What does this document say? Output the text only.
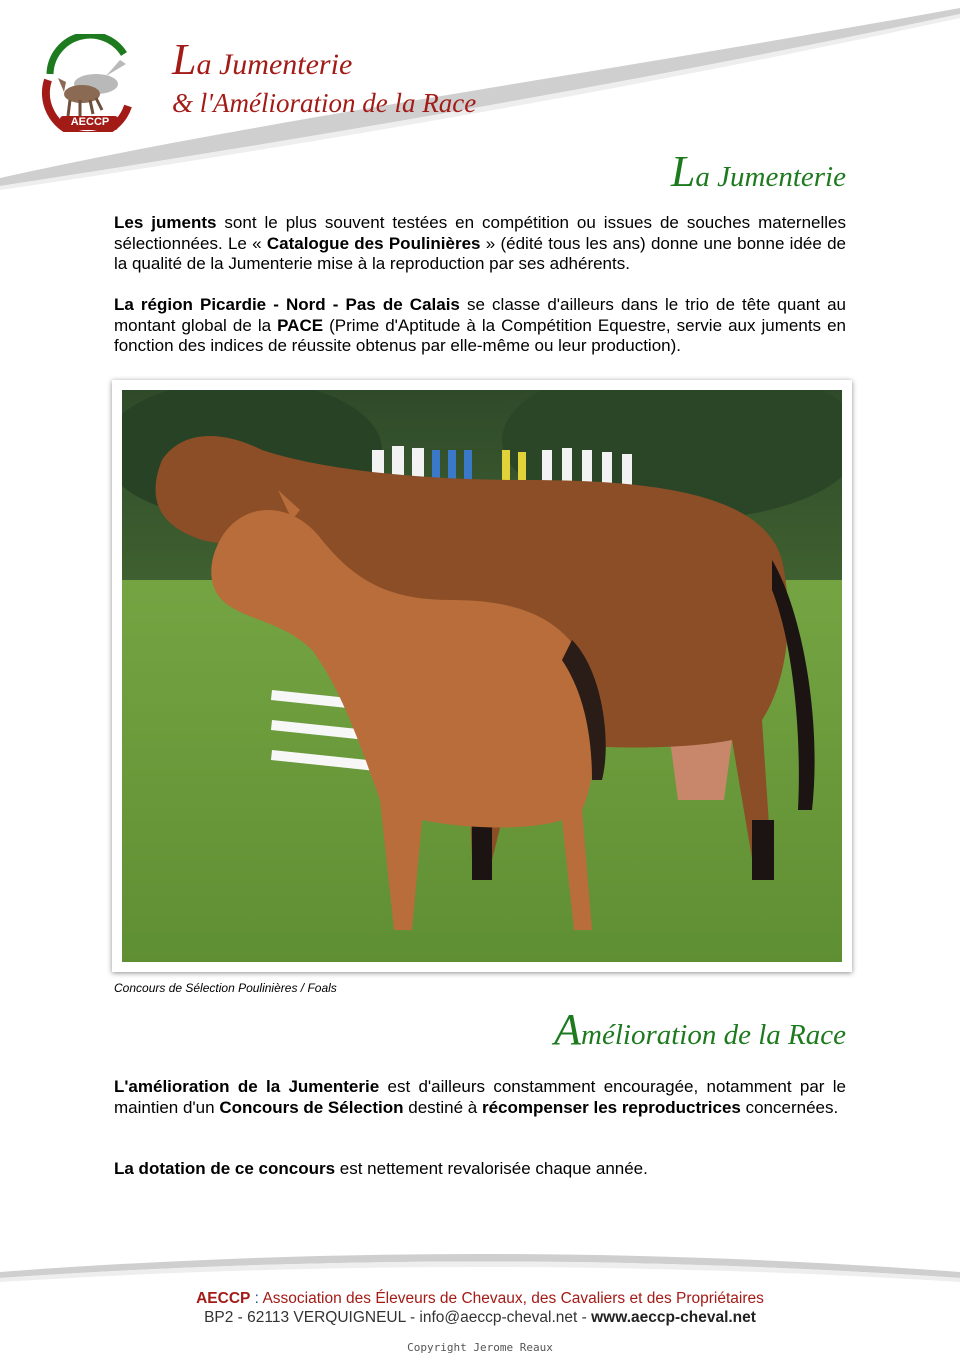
AECCP
La Jumenterie
& l'Amélioration de la Race
La Jumenterie

Les juments sont le plus souvent testées en compétition ou issues de souches maternelles sélectionnées. Le « Catalogue des Poulinières » (édité tous les ans) donne une bonne idée de la qualité de la Jumenterie mise à la reproduction par ses adhérents.

La région Picardie - Nord - Pas de Calais se classe d'ailleurs dans le trio de tête quant au montant global de la PACE (Prime d'Aptitude à la Compétition Equestre, servie aux juments en fonction des indices de réussite obtenus par elle-même ou leur production).

Concours de Sélection Poulinières / Foals
Amélioration de la Race

L'amélioration de la Jumenterie est d'ailleurs constamment encouragée, notamment par le maintien d'un Concours de Sélection destiné à récompenser les reproductrices concernées.

La dotation de ce concours est nettement revalorisée chaque année.

AECCP : Association des Éleveurs de Chevaux, des Cavaliers et des Propriétaires
BP2 - 62113 VERQUIGNEUL - info@aeccp-cheval.net - www.aeccp-cheval.net
Copyright Jerome Reaux
